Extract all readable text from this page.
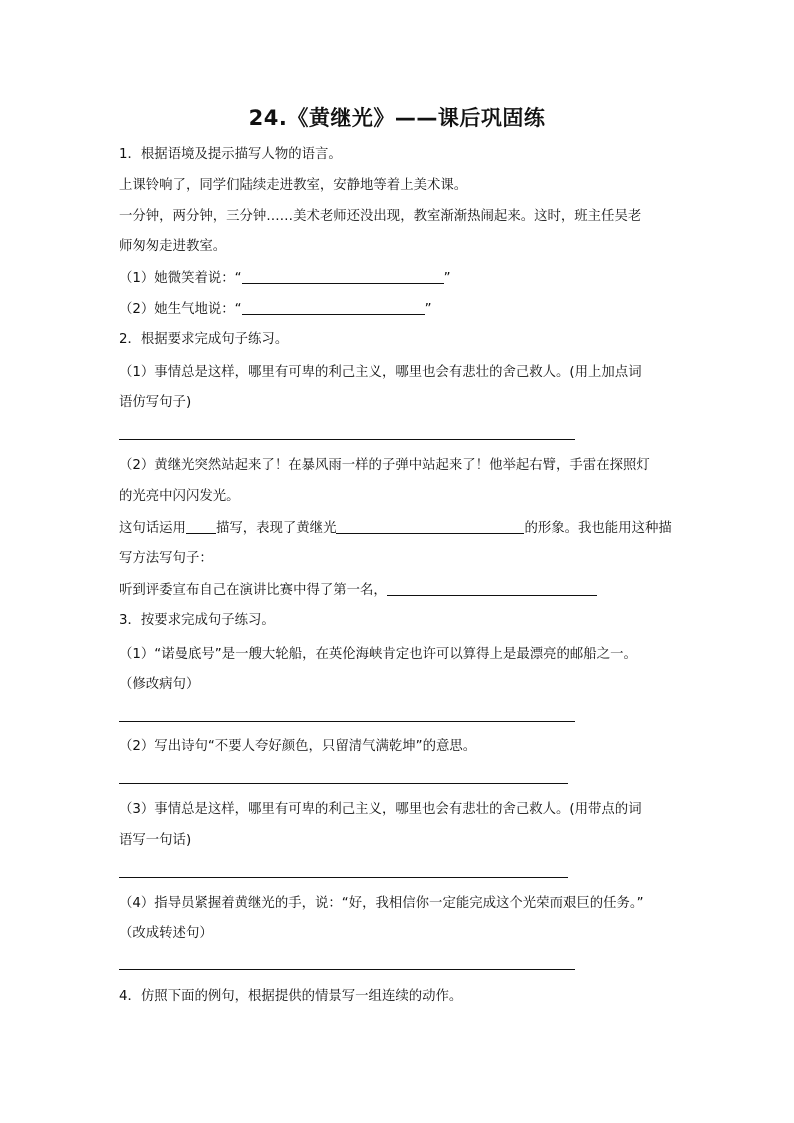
24.《黄继光》——课后巩固练
1．根据语境及提示描写人物的语言。
上课铃响了，同学们陆续走进教室，安静地等着上美术课。
一分钟，两分钟，三分钟……美术老师还没出现，教室渐渐热闹起来。这时，班主任吴老
师匆匆走进教室。
（1）她微笑着说：“	”
（2）她生气地说：“	”
2．根据要求完成句子练习。
（1）事情总是这样，哪里有可卑的利己主义，哪里也会有悲壮的舍己救人。(用上加点词
语仿写句子)
（2）黄继光突然站起来了！在暴风雨一样的子弹中站起来了！他举起右臂，手雷在探照灯
的光亮中闪闪发光。
这句话运用 描写，表现了黄继光	的形象。我也能用这种描
写方法写句子：
听到评委宣布自己在演讲比赛中得了第一名，
3．按要求完成句子练习。
（1）“诺曼底号”是一艘大轮船，在英伦海峡肯定也许可以算得上是最漂亮的邮船之一。
（修改病句）
（2）写出诗句“不要人夸好颜色，只留清气满乾坤”的意思。
（3）事情总是这样，哪里有可卑的利己主义，哪里也会有悲壮的舍己救人。(用带点的词
语写一句话)
（4）指导员紧握着黄继光的手，说：“好，我相信你一定能完成这个光荣而艰巨的任务。”
（改成转述句）
4．仿照下面的例句，根据提供的情景写一组连续的动作。
